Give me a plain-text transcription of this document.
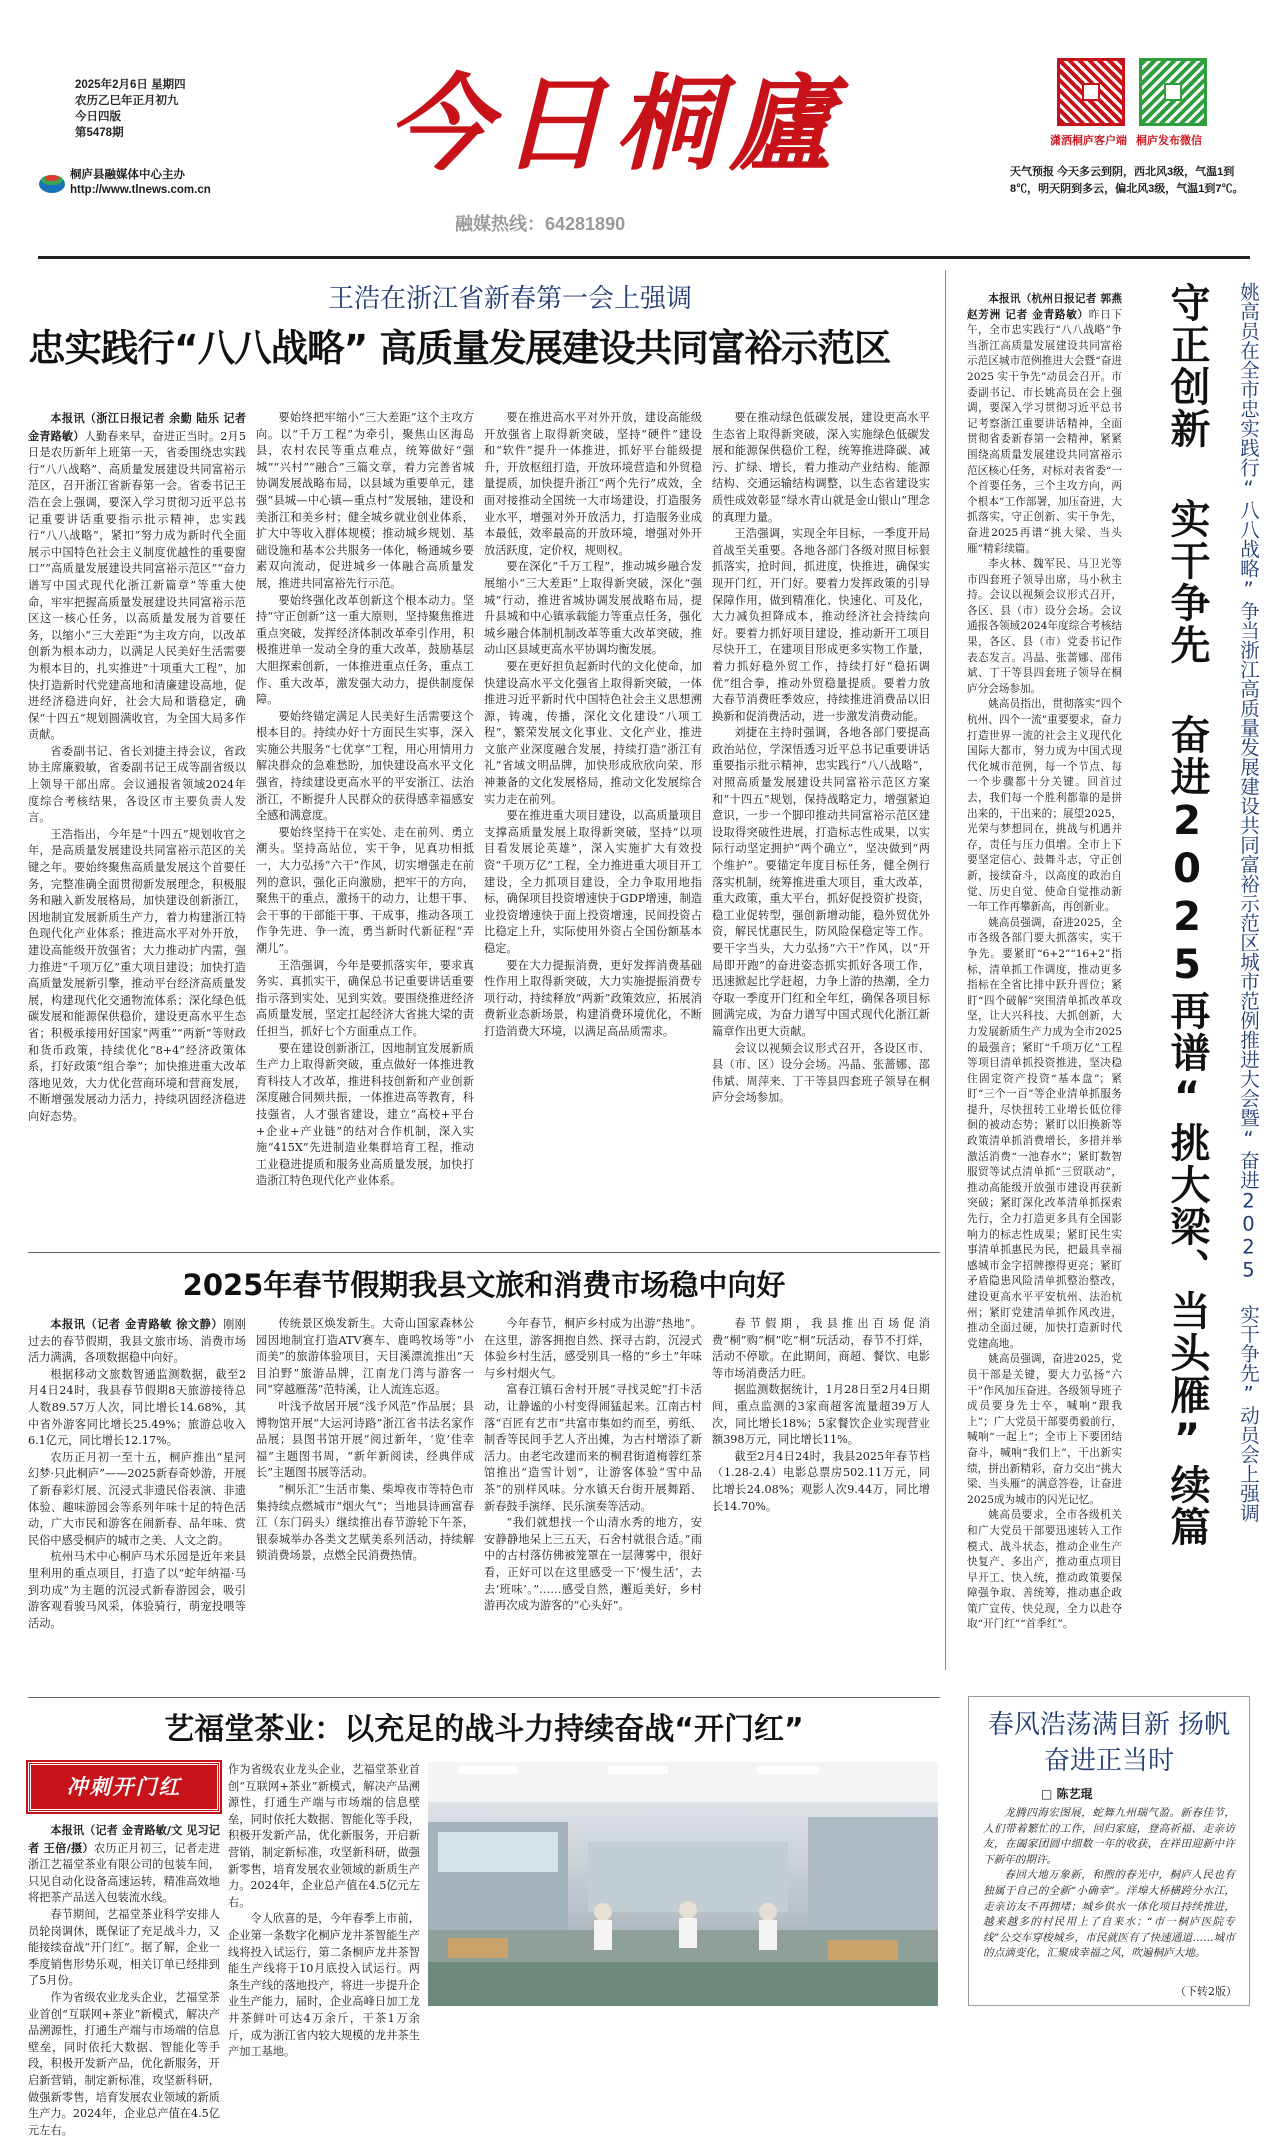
2025年2月6日 星期四
农历乙巳年正月初九
今日四版
第5478期
桐庐县融媒体中心主办
http://www.tlnews.com.cn
今日桐廬
融媒热线：64281890
潇洒桐庐客户端 桐庐发布微信
天气预报 今天多云到阴，西北风3级，气温1到8℃，明天阴到多云，偏北风3级，气温1到7℃。
王浩在浙江省新春第一会上强调
忠实践行“八八战略” 高质量发展建设共同富裕示范区

本报讯（浙江日报记者 余勤 陆乐 记者 金青路敏）人勤春来早，奋进正当时。2月5日是农历新年上班第一天，省委围绕忠实践行“八八战略”、高质量发展建设共同富裕示范区，召开浙江省新春第一会。省委书记王浩在会上强调，要深入学习贯彻习近平总书记重要讲话重要指示批示精神，忠实践行“八八战略”，紧扣“努力成为新时代全面展示中国特色社会主义制度优越性的重要窗口”“高质量发展建设共同富裕示范区”“奋力谱写中国式现代化浙江新篇章”等重大使命，牢牢把握高质量发展建设共同富裕示范区这一核心任务，以高质量发展为首要任务，以缩小“三大差距”为主攻方向，以改革创新为根本动力，以满足人民美好生活需要为根本目的，扎实推进“十项重大工程”，加快打造新时代党建高地和清廉建设高地，促进经济稳进向好，社会大局和谐稳定，确保“十四五”规划圆满收官，为全国大局多作贡献。

省委副书记、省长刘捷主持会议，省政协主席廉毅敏，省委副书记王成等副省级以上领导干部出席。会议通报省领域2024年度综合考核结果，各设区市主要负责人发言。

王浩指出，今年是“十四五”规划收官之年，是高质量发展建设共同富裕示范区的关键之年。要始终聚焦高质量发展这个首要任务，完整准确全面贯彻新发展理念，积极服务和融入新发展格局，加快建设创新浙江，因地制宜发展新质生产力，着力构建浙江特色现代化产业体系；推进高水平对外开放，建设高能级开放强省；大力推动扩内需，强力推进“千项万亿”重大项目建设；加快打造高质量发展新引擎，推动平台经济高质量发展，构建现代化交通物流体系；深化绿色低碳发展和能源保供稳价，建设更高水平生态省；积极承接用好国家“两重”“两新”等财政和货币政策，持续优化“8+4”经济政策体系，打好政策“组合拳”；加快推进重大改革落地见效，大力优化营商环境和营商发展，不断增强发展动力活力，持续巩固经济稳进向好态势。

要始终把牢缩小“三大差距”这个主攻方向。以“千万工程”为牵引，聚焦山区海岛县，农村农民等重点难点，统筹做好“强城”“兴村”“融合”三篇文章，着力完善省城协调发展战略布局，以县域为重要单元，建强“县城—中心镇—重点村”发展轴，建设和美浙江和美乡村；健全城乡就业创业体系，扩大中等收入群体规模；推动城乡规划、基础设施和基本公共服务一体化，畅通城乡要素双向流动，促进城乡一体融合高质量发展，推进共同富裕先行示范。

要始终强化改革创新这个根本动力。坚持“守正创新”这一重大原则，坚持聚焦推进重点突破，发挥经济体制改革牵引作用，积极推进单一发动全身的重大改革，鼓励基层大胆探索创新，一体推进重点任务，重点工作、重大改革，激发强大动力，提供制度保障。

要始终锚定满足人民美好生活需要这个根本目的。持续办好十方面民生实事，深入实施公共服务“七优享”工程，用心用情用力解决群众的急难愁盼，加快建设高水平文化强省，持续建设更高水平的平安浙江、法治浙江，不断提升人民群众的获得感幸福感安全感和满意度。

要始终坚持干在实处、走在前列、勇立潮头。坚持高站位，实干争，见真功相抵一，大力弘扬“六干”作风，切实增强走在前列的意识，强化正向激励，把牢干的方向，聚焦干的重点，激扬干的动力，让想干事、会干事的干部能干事、干成事，推动各项工作争先进、争一流，勇当新时代新征程“弄潮儿”。

王浩强调，今年是要抓落实年，要求真务实、真抓实干，确保总书记重要讲话重要指示落到实处、见到实效。要围绕推进经济高质量发展，坚定扛起经济大省挑大梁的责任担当，抓好七个方面重点工作。

要在建设创新浙江，因地制宜发展新质生产力上取得新突破，重点做好一体推进教育科技人才改革，推进科技创新和产业创新深度融合同频共振，一体推进高等教育，科技强省，人才强省建设，建立“高校+平台+企业+产业链”的结对合作机制，深入实施“415X”先进制造业集群培育工程，推动工业稳进提质和服务业高质量发展，加快打造浙江特色现代化产业体系。

要在推进高水平对外开放，建设高能级开放强省上取得新突破，坚持“硬件”建设和“软件”提升一体推进，抓好平台能级提升，开放枢纽打造，开放环境营造和外贸稳量提质，加快提升浙江“两个先行”成效，全面对接推动全国统一大市场建设，打造服务业水平，增强对外开放活力，打造服务业成本最低，效率最高的开放环境，增强对外开放活跃度，定价权，规则权。

要在深化“千万工程”，推动城乡融合发展缩小“三大差距”上取得新突破，深化“强城”行动，推进省城协调发展战略布局，提升县城和中心镇承载能力等重点任务，强化城乡融合体制机制改革等重大改革突破，推动山区县域更高水平协调均衡发展。

要在更好担负起新时代的文化使命，加快建设高水平文化强省上取得新突破，一体推进习近平新时代中国特色社会主义思想溯源，铸魂，传播，深化文化建设“八项工程”，繁荣发展文化事业、文化产业，推进文旅产业深度融合发展，持续打造“浙江有礼”省域文明品牌，加快形成欣欣向荣、形神兼备的文化发展格局，推动文化发展综合实力走在前列。

要在推进重大项目建设，以高质量项目支撑高质量发展上取得新突破，坚持“以项目看发展论英雄”，深入实施扩大有效投资“千项万亿”工程，全力推进重大项目开工建设，全力抓项目建设，全力争取用地指标，确保项目投资增速快于GDP增速，制造业投资增速快于面上投资增速，民间投资占比稳定上升，实际使用外资占全国份额基本稳定。

要在大力提振消费，更好发挥消费基础性作用上取得新突破，大力实施提振消费专项行动，持续释放“两新”政策效应，拓展消费新业态新场景，构建消费环境优化，不断打造消费大环境，以满足高品质需求。

要在推动绿色低碳发展，建设更高水平生态省上取得新突破，深入实施绿色低碳发展和能源保供稳价工程，统筹推进降碳、减污、扩绿、增长，着力推动产业结构、能源结构、交通运输结构调整，以生态省建设实质性成效彰显“绿水青山就是金山银山”理念的真理力量。

王浩强调，实现全年目标，一季度开局首战至关重要。各地各部门各级对照目标狠抓落实，抢时间，抓进度，快推进，确保实现开门红，开门好。要着力发挥政策的引导保障作用，做到精准化、快速化、可及化，大力减负担降成本，推动经济社会持续向好。要着力抓好项目建设，推动新开工项目尽快开工，在建项目形成更多实物工作量，着力抓好稳外贸工作，持续打好“稳拓调优”组合拳，推动外贸稳量提质。要着力放大春节消费旺季效应，持续推进消费品以旧换新和促消费活动，进一步激发消费动能。

刘捷在主持时强调，各地各部门要提高政治站位，学深悟透习近平总书记重要讲话重要指示批示精神，忠实践行“八八战略”，对照高质量发展建设共同富裕示范区方案和“十四五”规划，保持战略定力，增强紧迫意识，一步一个脚印推动共同富裕示范区建设取得突破性进展，打造标志性成果，以实际行动坚定拥护“两个确立”，坚决做到“两个维护”。要锚定年度目标任务，健全例行落实机制，统筹推进重大项目，重大改革，重大政策，重大平台，抓好促投资扩投资，稳工业促转型，强创新增动能，稳外贸优外资，解民忧惠民生，防风险保稳定等工作。要干字当头，大力弘扬“六干”作风，以“开局即开跑”的奋进姿态抓实抓好各项工作，迅速掀起比学赶超，力争上游的热潮，全力夺取一季度开门红和全年红，确保各项目标圆满完成，为奋力谱写中国式现代化浙江新篇章作出更大贡献。

会议以视频会议形式召开，各设区市、县（市、区）设分会场。冯晶、张蔷娜、邵伟斌、周萍来、丁干等县四套班子领导在桐庐分会场参加。

本报讯（杭州日报记者 郭燕 赵芳洲 记者 金青路敏）昨日下午，全市忠实践行“八八战略”争当浙江高质量发展建设共同富裕示范区城市范例推进大会暨“奋进2025 实干争先”动员会召开。市委副书记、市长姚高员在会上强调，要深入学习贯彻习近平总书记考察浙江重要讲话精神，全面贯彻省委新春第一会精神，紧紧围绕高质量发展建设共同富裕示范区核心任务，对标对表省委“一个首要任务，三个主攻方向，两个根本”工作部署，加压奋进，大抓落实，守正创新、实干争先，奋进2025再谱“挑大梁、当头雁”精彩续篇。

李火林、魏军民、马卫光等市四套班子领导出席，马小秋主持。会议以视频会议形式召开，各区、县（市）设分会场。会议通报各领域2024年度综合考核结果，各区、县（市）党委书记作表态发言。冯晶、张蔷娜、邵伟斌、丁干等县四套班子领导在桐庐分会场参加。

姚高员指出，贯彻落实“四个杭州、四个一流”重要要求，奋力打造世界一流的社会主义现代化国际大都市，努力成为中国式现代化城市范例，每一个节点、每一个步骤都十分关键。回首过去，我们每一个胜利都靠的是拼出来的，干出来的；展望2025，光荣与梦想同在，挑战与机遇并存，责任与压力俱增。全市上下要坚定信心、鼓舞斗志，守正创新，接续奋斗，以高度的政治自觉、历史自觉、使命自觉推动新一年工作再攀新高，再创新业。

姚高员强调，奋进2025，全市各级各部门要大抓落实，实干争先。要紧盯“6+2”“16+2”指标，清单抓工作调度，推动更多指标在全省比排中跃升晋位；紧盯“四个破解”突围清单抓改革攻坚，让大兴科技、大抓创新，大力发展新质生产力成为全市2025的最强音；紧盯“千项万亿”工程等项目清单抓投资推进，坚决稳住固定资产投资“基本盘”；紧盯“三个一百”等企业清单抓服务提升，尽快扭转工业增长低位徘徊的被动态势；紧盯以旧换新等政策清单抓消费增长，多措并举激活消费“一池春水”；紧盯数智服贸等试点清单抓“三贸联动”，推动高能级开放强市建设再获新突破；紧盯深化改革清单抓探索先行，全力打造更多具有全国影响力的标志性成果；紧盯民生实事清单抓惠民为民，把最具幸福感城市金字招牌擦得更亮；紧盯矛盾隐患风险清单抓整治整改，建设更高水平平安杭州、法治杭州；紧盯党建清单抓作风改进，推动全面过硬，加快打造新时代党建高地。

姚高员强调，奋进2025，党员干部是关键，要大力弘扬“六干”作风加压奋进。各级领导班子成员要身先士卒，喊响“跟我上”；广大党员干部要勇毅前行，喊响“一起上”；全市上下要团结奋斗，喊响“我们上”，干出新实绩，拼出新精彩，奋力交出“挑大梁、当头雁”的满意答卷，让奋进2025成为城市的闪光记忆。

姚高员要求，全市各级机关和广大党员干部要迅速转入工作模式、战斗状态，推动企业生产快复产、多出产，推动重点项目早开工、快入统，推动政策要保障强争取、善统筹，推动惠企政策广宣传、快兑现，全力以赴夺取“开门红”“首季红”。

守正创新 实干争先 奋进2025再谱“挑大梁、当头雁”续篇	姚高员在全市忠实践行“八八战略”争当浙江高质量发展建设共同富裕示范区城市范例推进大会暨“奋进2025 实干争先”动员会上强调
2025年春节假期我县文旅和消费市场稳中向好

本报讯（记者 金青路敏 徐文静）刚刚过去的春节假期，我县文旅市场、消费市场活力满满，各项数据稳中向好。

根据移动文旅数智通监测数据，截至2月4日24时，我县春节假期8天旅游接待总人数89.57万人次，同比增长14.68%，其中省外游客同比增长25.49%；旅游总收入6.1亿元，同比增长12.17%。

农历正月初一至十五，桐庐推出“星河幻梦·只此桐庐”——2025新春奇妙游，开展了新春彩灯展、沉浸式非遗民俗表演、非遗体验、趣味游园会等系列年味十足的特色活动，广大市民和游客在闹新春、品年味、赏民俗中感受桐庐的城市之美、人文之韵。

杭州马术中心桐庐马术乐园是近年来县里利用的重点项目，打造了以“蛇年纳福·马到功成”为主题的沉浸式新春游园会，吸引游客观看骏马风采，体验骑行，萌宠投喂等活动。

传统景区焕发新生。大奇山国家森林公园因地制宜打造ATV赛车、鹿鸣牧场等“小而美”的旅游体验项目，天目溪漂流推出“天目泊野”旅游品牌，江南龙门湾与游客一同“穿越雁荡”范特溪，让人流连忘返。

叶浅予故居开展“浅予风范”作品展；县博物馆开展“大运河诗路”浙江省书法名家作品展；县图书馆开展“阅过新年，‘览’佳幸福”主题图书周，“新年新阅读，经典伴成长”主题图书展等活动。

“桐乐汇”生活市集、柴埠夜市等特色市集持续点燃城市“烟火气”；当地县诗画富春江（东门码头）继续推出春节游轮下午茶，银泰城举办各类文艺赋美系列活动，持续解锁消费场景，点燃全民消费热情。

今年春节，桐庐乡村成为出游“热地”。在这里，游客拥抱自然、探寻古韵，沉浸式体验乡村生活，感受别具一格的“乡土”年味与乡村烟火气。

富春江镇石舍村开展“寻找灵蛇”打卡活动，让静谧的小村变得闹猛起来。江南古村落“百匠有艺市”共富市集如约而至，剪纸、制香等民间手艺人齐出摊，为古村增添了新活力。由老宅改建而来的桐君街道梅蓉红茶馆推出“造雪计划”，让游客体验“雪中品茶”的别样风味。分水镇天台街开展舞蹈、新春鼓手演绎、民乐演奏等活动。

“我们就想找一个山清水秀的地方，安安静静地呆上三五天，石舍村就很合适。”雨中的古村落仿佛被笼罩在一层薄雾中，很好看，正好可以在这里感受一下‘慢生活’，去去‘班味’。”……感受自然，邂逅美好，乡村游再次成为游客的“心头好”。

春节假期，我县推出百场促消费“桐”购“桐”吃“桐”玩活动，春节不打烊，活动不停歇。在此期间，商超、餐饮、电影等市场消费活力旺。

据监测数据统计，1月28日至2月4日期间，重点监测的3家商超客流量超39万人次，同比增长18%；5家餐饮企业实现营业额398万元，同比增长11%。

截至2月4日24时，我县2025年春节档（1.28-2.4）电影总票房502.11万元，同比增长24.08%；观影人次9.44万，同比增长14.70%。

艺福堂茶业：以充足的战斗力持续奋战“开门红”
冲刺开门红

本报讯（记者 金青路敏/文 见习记者 王倍/摄）农历正月初三，记者走进浙江艺福堂茶业有限公司的包装车间，只见自动化设备高速运转，精准高效地将把茶产品送入包装流水线。

春节期间，艺福堂茶业科学安排人员轮岗调休，既保证了充足战斗力，又能接续奋战“开门红”。据了解，企业一季度销售形势乐观，相关订单已经排到了5月份。

作为省级农业龙头企业，艺福堂茶业首创“互联网+茶业”新模式，解决产品溯源性，打通生产端与市场端的信息壁垒，同时依托大数据、智能化等手段，积极开发新产品，优化新服务，开启新营销，制定新标准，攻坚新科研，做强新零售，培育发展农业领域的新质生产力。2024年，企业总产值在4.5亿元左右。

作为省级农业龙头企业，艺福堂茶业首创“互联网+茶业”新模式，解决产品溯源性，打通生产端与市场端的信息壁垒，同时依托大数据、智能化等手段，积极开发新产品，优化新服务，开启新营销，制定新标准，攻坚新科研，做强新零售，培育发展农业领域的新质生产力。2024年，企业总产值在4.5亿元左右。

令人欣喜的是，今年春季上市前，企业第一条数字化桐庐龙井茶智能生产线将投入试运行，第二条桐庐龙井茶智能生产线将于10月底投入试运行。两条生产线的落地投产，将进一步提升企业生产能力，届时，企业高峰日加工龙井茶鲜叶可达4万余斤，干茶1万余斤，成为浙江省内较大规模的龙井茶生产加工基地。

春风浩荡满目新 扬帆奋进正当时
□ 陈艺琨

龙腾四海宏图展，蛇舞九州瑞气盈。新春佳节，人们带着繁忙的工作，回归家庭，登高祈福、走亲访友，在阖家团圆中细数一年的收获，在祥田迎新中许下新年的期许。

春回大地万象新，和煦的春光中，桐庐人民也有独属于自己的全新“小确幸”。洋埠大桥横跨分水江，走亲访友不再拥堵；城乡供水一体化项目持续推进，越来越多的村民用上了自来水；“市一桐庐医院专线”公交车穿梭城乡，市民就医有了快速通道……城市的点滴变化，汇聚成幸福之风，吹遍桐庐大地。

（下转2版）
